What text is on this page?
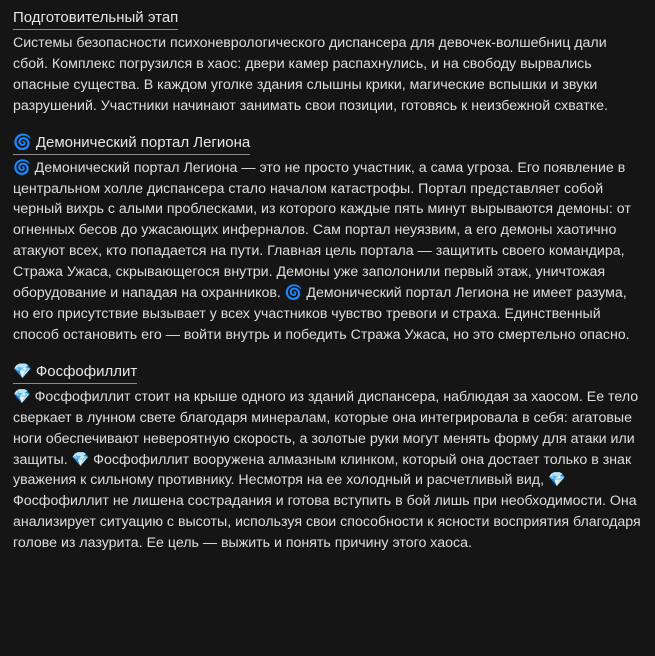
Подготовительный этап

Системы безопасности психоневрологического диспансера для девочек-волшебниц дали сбой. Комплекс погрузился в хаос: двери камер распахнулись, и на свободу вырвались опасные существа. В каждом уголке здания слышны крики, магические вспышки и звуки разрушений. Участники начинают занимать свои позиции, готовясь к неизбежной схватке.

🌀 Демонический портал Легиона

🌀 Демонический портал Легиона — это не просто участник, а сама угроза. Его появление в центральном холле диспансера стало началом катастрофы. Портал представляет собой черный вихрь с алыми проблесками, из которого каждые пять минут вырываются демоны: от огненных бесов до ужасающих инферналов. Сам портал неуязвим, а его демоны хаотично атакуют всех, кто попадается на пути. Главная цель портала — защитить своего командира, Стража Ужаса, скрывающегося внутри. Демоны уже заполонили первый этаж, уничтожая оборудование и нападая на охранников. 🌀 Демонический портал Легиона не имеет разума, но его присутствие вызывает у всех участников чувство тревоги и страха. Единственный способ остановить его — войти внутрь и победить Стража Ужаса, но это смертельно опасно.

💎 Фосфофиллит

💎 Фосфофиллит стоит на крыше одного из зданий диспансера, наблюдая за хаосом. Ее тело сверкает в лунном свете благодаря минералам, которые она интегрировала в себя: агатовые ноги обеспечивают невероятную скорость, а золотые руки могут менять форму для атаки или защиты. 💎 Фосфофиллит вооружена алмазным клинком, который она достает только в знак уважения к сильному противнику. Несмотря на ее холодный и расчетливый вид, 💎 Фосфофиллит не лишена сострадания и готова вступить в бой лишь при необходимости. Она анализирует ситуацию с высоты, используя свои способности к ясности восприятия благодаря голове из лазурита. Ее цель — выжить и понять причину этого хаоса.
